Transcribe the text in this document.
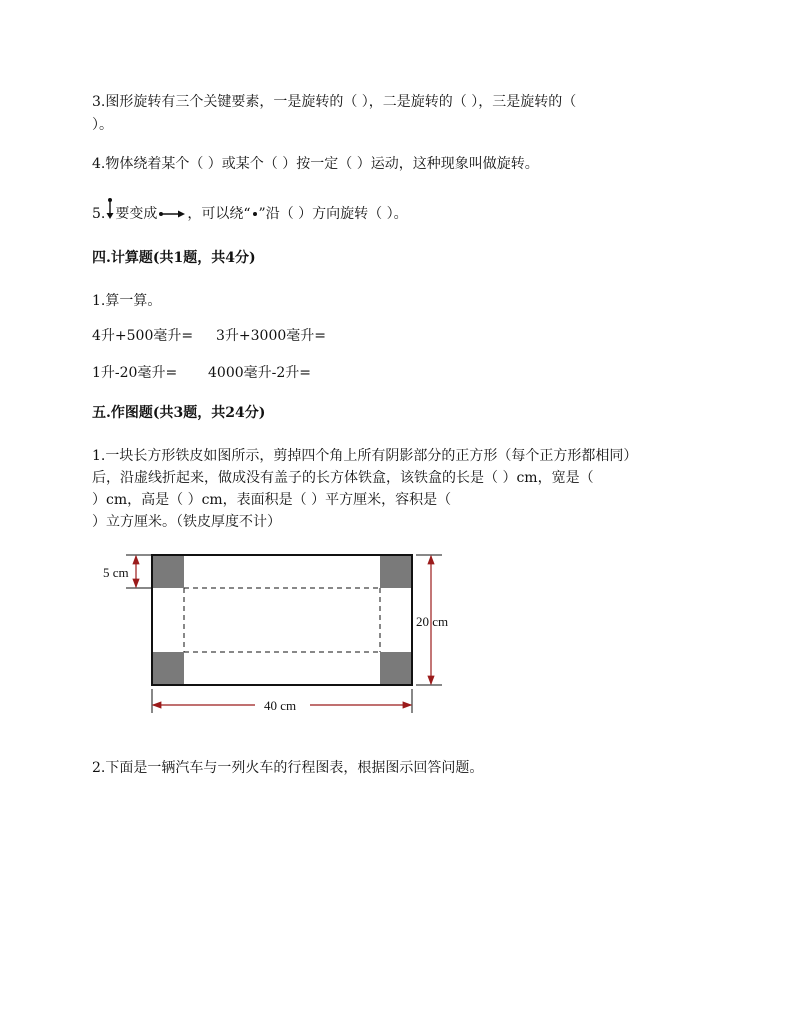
3.图形旋转有三个关键要素，一是旋转的（ ），二是旋转的（ ），三是旋转的（
）。
4.物体绕着某个（ ）或某个（ ）按一定（ ）运动，这种现象叫做旋转。
5. 要变成 ，可以绕“ ”沿（ ）方向旋转（ ）。
四.计算题(共1题，共4分)
1.算一算。
4升+500毫升= 3升+3000毫升=
1升-20毫升= 4000毫升-2升=
五.作图题(共3题，共24分)
1.一块长方形铁皮如图所示，剪掉四个角上所有阴影部分的正方形（每个正方形都相同）
后，沿虚线折起来，做成没有盖子的长方体铁盒，该铁盒的长是（ ）cm，宽是（
）cm，高是（ ）cm，表面积是（ ）平方厘米，容积是（
）立方厘米。（铁皮厚度不计）
5 cm
20 cm
40 cm
2.下面是一辆汽车与一列火车的行程图表，根据图示回答问题。
